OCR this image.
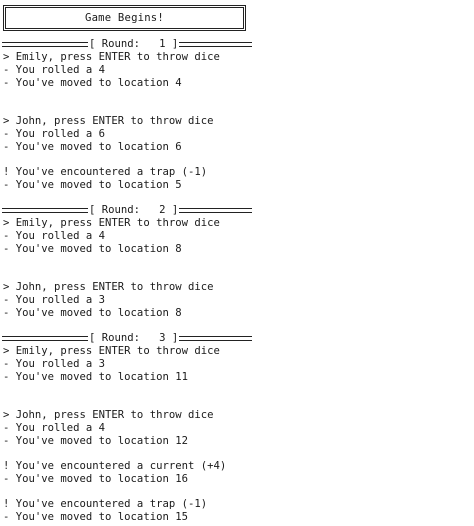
Game Begins!
[ Round:   1 ]
> Emily, press ENTER to throw dice
- You rolled a 4
- You've moved to location 4
> John, press ENTER to throw dice
- You rolled a 6
- You've moved to location 6
! You've encountered a trap (-1)
- You've moved to location 5
[ Round:   2 ]
> Emily, press ENTER to throw dice
- You rolled a 4
- You've moved to location 8
> John, press ENTER to throw dice
- You rolled a 3
- You've moved to location 8
[ Round:   3 ]
> Emily, press ENTER to throw dice
- You rolled a 3
- You've moved to location 11
> John, press ENTER to throw dice
- You rolled a 4
- You've moved to location 12
! You've encountered a current (+4)
- You've moved to location 16
! You've encountered a trap (-1)
- You've moved to location 15
